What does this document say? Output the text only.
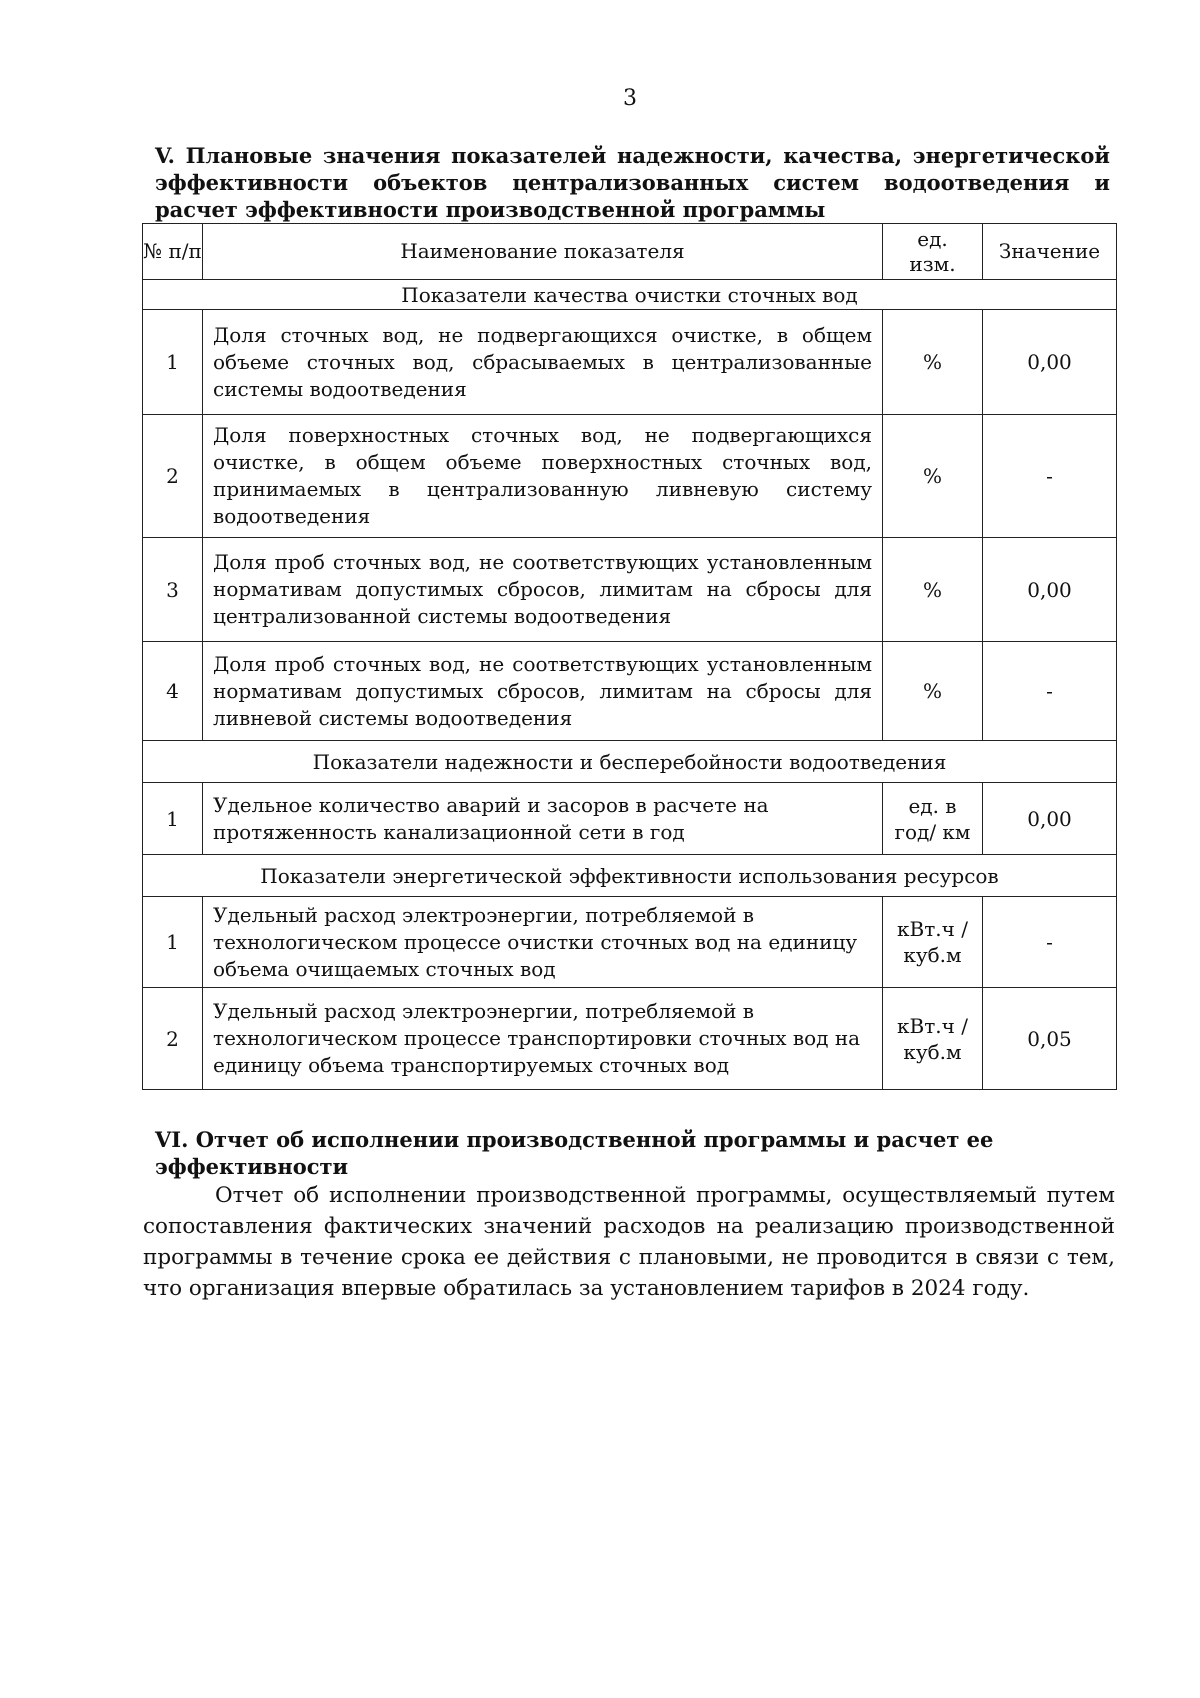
3
V. Плановые значения показателей надежности, качества, энергетической эффективности объектов централизованных систем водоотведения и расчет эффективности производственной программы
№ п/п	Наименование показателя	ед. изм.	Значение
Показатели качества очистки сточных вод			
1	Доля сточных вод, не подвергающихся очистке, в общем объеме сточных вод, сбрасываемых в централизованные системы водоотведения	%	0,00
2	Доля поверхностных сточных вод, не подвергающихся очистке, в общем объеме поверхностных сточных вод, принимаемых в централизованную ливневую систему водоотведения	%	-
3	Доля проб сточных вод, не соответствующих установленным нормативам допустимых сбросов, лимитам на сбросы для централизованной системы водоотведения	%	0,00
4	Доля проб сточных вод, не соответствующих установленным нормативам допустимых сбросов, лимитам на сбросы для ливневой системы водоотведения	%	-
Показатели надежности и бесперебойности водоотведения			
1	Удельное количество аварий и засоров в расчете на протяженность канализационной сети в год	ед. в год/ км	0,00
Показатели энергетической эффективности использования ресурсов			
1	Удельный расход электроэнергии, потребляемой в технологическом процессе очистки сточных вод на единицу объема очищаемых сточных вод	кВт.ч / куб.м	-
2	Удельный расход электроэнергии, потребляемой в технологическом процессе транспортировки сточных вод на единицу объема транспортируемых сточных вод	кВт.ч / куб.м	0,05
VI. Отчет об исполнении производственной программы и расчет ее эффективности

Отчет об исполнении производственной программы, осуществляемый путем сопоставления фактических значений расходов на реализацию производственной программы в течение срока ее действия с плановыми, не проводится в связи с тем, что организация впервые обратилась за установлением тарифов в 2024 году.
